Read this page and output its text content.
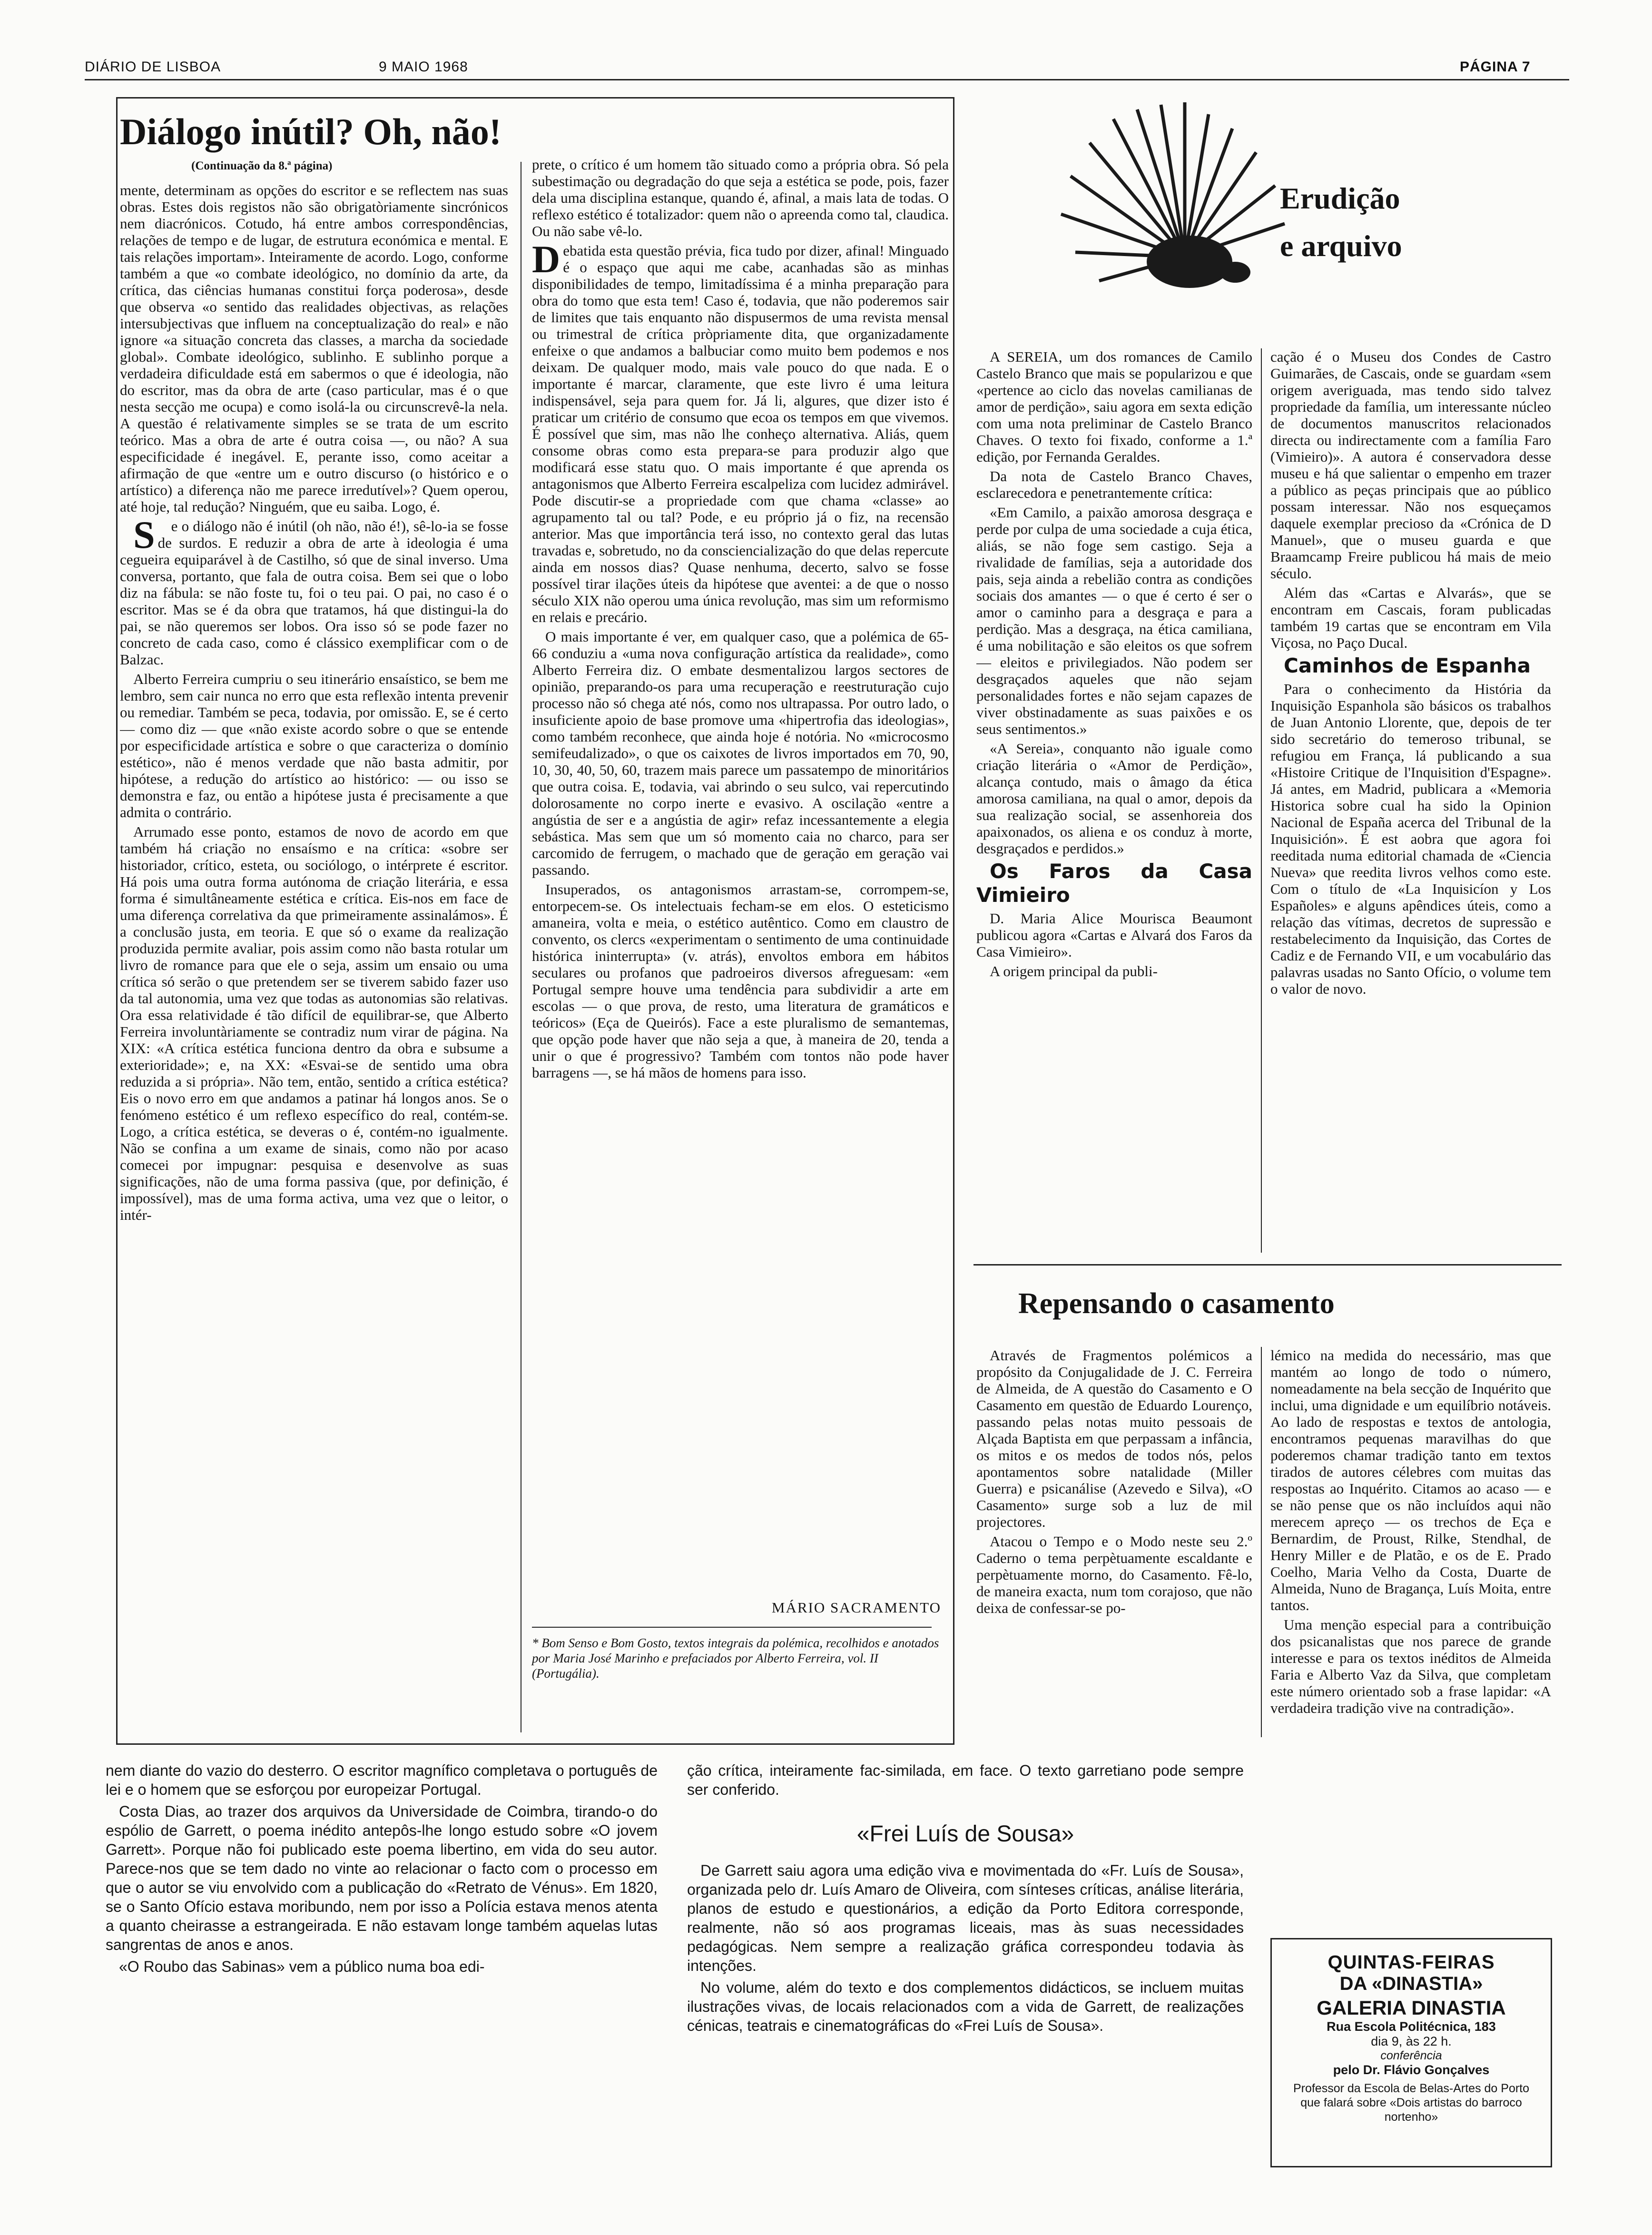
DIÁRIO DE LISBOA	9 MAIO 1968	PÁGINA 7
Diálogo inútil? Oh, não!
(Continuação da 8.ª página)

mente, determinam as opções do escritor e se reflectem nas suas obras. Estes dois registos não são obrigatòriamente sincrónicos nem diacrónicos. Cotudo, há entre ambos correspondências, relações de tempo e de lugar, de estrutura económica e mental. E tais relações importam». Inteiramente de acordo. Logo, conforme também a que «o combate ideológico, no domínio da arte, da crítica, das ciências humanas constitui força poderosa», desde que observa «o sentido das realidades objectivas, as relações intersubjectivas que influem na conceptualização do real» e não ignore «a situação concreta das classes, a marcha da sociedade global». Combate ideológico, sublinho. E sublinho porque a verdadeira dificuldade está em sabermos o que é ideologia, não do escritor, mas da obra de arte (caso particular, mas é o que nesta secção me ocupa) e como isolá-la ou circunscrevê-la nela. A questão é relativamente simples se se trata de um escrito teórico. Mas a obra de arte é outra coisa —, ou não? A sua especificidade é inegável. E, perante isso, como aceitar a afirmação de que «entre um e outro discurso (o histórico e o artístico) a diferença não me parece irredutível»? Quem operou, até hoje, tal redução? Ninguém, que eu saiba. Logo, é.

Se o diálogo não é inútil (oh não, não é!), sê-lo-ia se fosse de surdos. E reduzir a obra de arte à ideologia é uma cegueira equiparável à de Castilho, só que de sinal inverso. Uma conversa, portanto, que fala de outra coisa. Bem sei que o lobo diz na fábula: se não foste tu, foi o teu pai. O pai, no caso é o escritor. Mas se é da obra que tratamos, há que distingui-la do pai, se não queremos ser lobos. Ora isso só se pode fazer no concreto de cada caso, como é clássico exemplificar com o de Balzac.

Alberto Ferreira cumpriu o seu itinerário ensaístico, se bem me lembro, sem cair nunca no erro que esta reflexão intenta prevenir ou remediar. Também se peca, todavia, por omissão. E, se é certo — como diz — que «não existe acordo sobre o que se entende por especificidade artística e sobre o que caracteriza o domínio estético», não é menos verdade que não basta admitir, por hipótese, a redução do artístico ao histórico: — ou isso se demonstra e faz, ou então a hipótese justa é precisamente a que admita o contrário.

Arrumado esse ponto, estamos de novo de acordo em que também há criação no ensaísmo e na crítica: «sobre ser historiador, crítico, esteta, ou sociólogo, o intérprete é escritor. Há pois uma outra forma autónoma de criação literária, e essa forma é simultâneamente estética e crítica. Eis-nos em face de uma diferença correlativa da que primeiramente assinalámos». É a conclusão justa, em teoria. E que só o exame da realização produzida permite avaliar, pois assim como não basta rotular um livro de romance para que ele o seja, assim um ensaio ou uma crítica só serão o que pretendem ser se tiverem sabido fazer uso da tal autonomia, uma vez que todas as autonomias são relativas. Ora essa relatividade é tão difícil de equilibrar-se, que Alberto Ferreira involuntàriamente se contradiz num virar de página. Na XIX: «A crítica estética funciona dentro da obra e subsume a exterioridade»; e, na XX: «Esvai-se de sentido uma obra reduzida a si própria». Não tem, então, sentido a crítica estética? Eis o novo erro em que andamos a patinar há longos anos. Se o fenómeno estético é um reflexo específico do real, contém-se. Logo, a crítica estética, se deveras o é, contém-no igualmente. Não se confina a um exame de sinais, como não por acaso comecei por impugnar: pesquisa e desenvolve as suas significações, não de uma forma passiva (que, por definição, é impossível), mas de uma forma activa, uma vez que o leitor, o intér-

prete, o crítico é um homem tão situado como a própria obra. Só pela subestimação ou degradação do que seja a estética se pode, pois, fazer dela uma disciplina estanque, quando é, afinal, a mais lata de todas. O reflexo estético é totalizador: quem não o apreenda como tal, claudica. Ou não sabe vê-lo.

Debatida esta questão prévia, fica tudo por dizer, afinal! Minguado é o espaço que aqui me cabe, acanhadas são as minhas disponibilidades de tempo, limitadíssima é a minha preparação para obra do tomo que esta tem! Caso é, todavia, que não poderemos sair de limites que tais enquanto não dispusermos de uma revista mensal ou trimestral de crítica pròpriamente dita, que organizadamente enfeixe o que andamos a balbuciar como muito bem podemos e nos deixam. De qualquer modo, mais vale pouco do que nada. E o importante é marcar, claramente, que este livro é uma leitura indispensável, seja para quem for. Já li, algures, que dizer isto é praticar um critério de consumo que ecoa os tempos em que vivemos. É possível que sim, mas não lhe conheço alternativa. Aliás, quem consome obras como esta prepara-se para produzir algo que modificará esse statu quo. O mais importante é que aprenda os antagonismos que Alberto Ferreira escalpeliza com lucidez admirável. Pode discutir-se a propriedade com que chama «classe» ao agrupamento tal ou tal? Pode, e eu próprio já o fiz, na recensão anterior. Mas que importância terá isso, no contexto geral das lutas travadas e, sobretudo, no da consciencialização do que delas repercute ainda em nossos dias? Quase nenhuma, decerto, salvo se fosse possível tirar ilações úteis da hipótese que aventei: a de que o nosso século XIX não operou uma única revolução, mas sim um reformismo en relais e precário.

O mais importante é ver, em qualquer caso, que a polémica de 65-66 conduziu a «uma nova configuração artística da realidade», como Alberto Ferreira diz. O embate desmentalizou largos sectores de opinião, preparando-os para uma recuperação e reestruturação cujo processo não só chega até nós, como nos ultrapassa. Por outro lado, o insuficiente apoio de base promove uma «hipertrofia das ideologias», como também reconhece, que ainda hoje é notória. No «microcosmo semifeudalizado», o que os caixotes de livros importados em 70, 90, 10, 30, 40, 50, 60, trazem mais parece um passatempo de minoritários que outra coisa. E, todavia, vai abrindo o seu sulco, vai repercutindo dolorosamente no corpo inerte e evasivo. A oscilação «entre a angústia de ser e a angústia de agir» refaz incessantemente a elegia sebástica. Mas sem que um só momento caia no charco, para ser carcomido de ferrugem, o machado que de geração em geração vai passando.

Insuperados, os antagonismos arrastam-se, corrompem-se, entorpecem-se. Os intelectuais fecham-se em elos. O esteticismo amaneira, volta e meia, o estético autêntico. Como em claustro de convento, os clercs «experimentam o sentimento de uma continuidade histórica ininterrupta» (v. atrás), envoltos embora em hábitos seculares ou profanos que padroeiros diversos afreguesam: «em Portugal sempre houve uma tendência para subdividir a arte em escolas — o que prova, de resto, uma literatura de gramáticos e teóricos» (Eça de Queirós). Face a este pluralismo de semantemas, que opção pode haver que não seja a que, à maneira de 20, tenda a unir o que é progressivo? Também com tontos não pode haver barragens —, se há mãos de homens para isso.

MÁRIO SACRAMENTO
* Bom Senso e Bom Gosto, textos integrais da polémica, recolhidos e anotados por Maria José Marinho e prefaciados por Alberto Ferreira, vol. II (Portugália).
Erudição
e arquivo

A SEREIA, um dos romances de Camilo Castelo Branco que mais se popularizou e que «pertence ao ciclo das novelas camilianas de amor de perdição», saiu agora em sexta edição com uma nota preliminar de Castelo Branco Chaves. O texto foi fixado, conforme a 1.ª edição, por Fernanda Geraldes.

Da nota de Castelo Branco Chaves, esclarecedora e penetrantemente crítica:

«Em Camilo, a paixão amorosa desgraça e perde por culpa de uma sociedade a cuja ética, aliás, se não foge sem castigo. Seja a rivalidade de famílias, seja a autoridade dos pais, seja ainda a rebelião contra as condições sociais dos amantes — o que é certo é ser o amor o caminho para a desgraça e para a perdição. Mas a desgraça, na ética camiliana, é uma nobilitação e são eleitos os que sofrem — eleitos e privilegiados. Não podem ser desgraçados aqueles que não sejam personalidades fortes e não sejam capazes de viver obstinadamente as suas paixões e os seus sentimentos.»

«A Sereia», conquanto não iguale como criação literária o «Amor de Perdição», alcança contudo, mais o âmago da ética amorosa camiliana, na qual o amor, depois da sua realização social, se assenhoreia dos apaixonados, os aliena e os conduz à morte, desgraçados e perdidos.»

Os Faros da Casa Vimieiro

D. Maria Alice Mourisca Beaumont publicou agora «Cartas e Alvará dos Faros da Casa Vimieiro».

A origem principal da publi-

cação é o Museu dos Condes de Castro Guimarães, de Cascais, onde se guardam «sem origem averiguada, mas tendo sido talvez propriedade da família, um interessante núcleo de documentos manuscritos relacionados directa ou indirectamente com a família Faro (Vimieiro)». A autora é conservadora desse museu e há que salientar o empenho em trazer a público as peças principais que ao público possam interessar. Não nos esqueçamos daquele exemplar precioso da «Crónica de D Manuel», que o museu guarda e que Braamcamp Freire publicou há mais de meio século.

Além das «Cartas e Alvarás», que se encontram em Cascais, foram publicadas também 19 cartas que se encontram em Vila Viçosa, no Paço Ducal.

Caminhos de Espanha

Para o conhecimento da História da Inquisição Espanhola são básicos os trabalhos de Juan Antonio Llorente, que, depois de ter sido secretário do temeroso tribunal, se refugiou em França, lá publicando a sua «Histoire Critique de l'Inquisition d'Espagne». Já antes, em Madrid, publicara a «Memoria Historica sobre cual ha sido la Opinion Nacional de España acerca del Tribunal de la Inquisición». É est aobra que agora foi reeditada numa editorial chamada de «Ciencia Nueva» que reedita livros velhos como este. Com o título de «La Inquisicíon y Los Españoles» e alguns apêndices úteis, como a relação das vítimas, decretos de supressão e restabelecimento da Inquisição, das Cortes de Cadiz e de Fernando VII, e um vocabulário das palavras usadas no Santo Ofício, o volume tem o valor de novo.

Repensando o casamento

Através de Fragmentos polémicos a propósito da Conjugalidade de J. C. Ferreira de Almeida, de A questão do Casamento e O Casamento em questão de Eduardo Lourenço, passando pelas notas muito pessoais de Alçada Baptista em que perpassam a infância, os mitos e os medos de todos nós, pelos apontamentos sobre natalidade (Miller Guerra) e psicanálise (Azevedo e Silva), «O Casamento» surge sob a luz de mil projectores.

Atacou o Tempo e o Modo neste seu 2.º Caderno o tema perpètuamente escaldante e perpètuamente morno, do Casamento. Fê-lo, de maneira exacta, num tom corajoso, que não deixa de confessar-se po-

lémico na medida do necessário, mas que mantém ao longo de todo o número, nomeadamente na bela secção de Inquérito que inclui, uma dignidade e um equilíbrio notáveis. Ao lado de respostas e textos de antologia, encontramos pequenas maravilhas do que poderemos chamar tradição tanto em textos tirados de autores célebres com muitas das respostas ao Inquérito. Citamos ao acaso — e se não pense que os não incluídos aqui não merecem apreço — os trechos de Eça e Bernardim, de Proust, Rilke, Stendhal, de Henry Miller e de Platão, e os de E. Prado Coelho, Maria Velho da Costa, Duarte de Almeida, Nuno de Bragança, Luís Moita, entre tantos.

Uma menção especial para a contribuição dos psicanalistas que nos parece de grande interesse e para os textos inéditos de Almeida Faria e Alberto Vaz da Silva, que completam este número orientado sob a frase lapidar: «A verdadeira tradição vive na contradição».

nem diante do vazio do desterro. O escritor magnífico completava o português de lei e o homem que se esforçou por europeizar Portugal.

Costa Dias, ao trazer dos arquivos da Universidade de Coimbra, tirando-o do espólio de Garrett, o poema inédito antepôs-lhe longo estudo sobre «O jovem Garrett». Porque não foi publicado este poema libertino, em vida do seu autor. Parece-nos que se tem dado no vinte ao relacionar o facto com o processo em que o autor se viu envolvido com a publicação do «Retrato de Vénus». Em 1820, se o Santo Ofício estava moribundo, nem por isso a Polícia estava menos atenta a quanto cheirasse a estrangeirada. E não estavam longe também aquelas lutas sangrentas de anos e anos.

«O Roubo das Sabinas» vem a público numa boa edi-

ção crítica, inteiramente fac-similada, em face. O texto garretiano pode sempre ser conferido.

«Frei Luís de Sousa»

De Garrett saiu agora uma edição viva e movimentada do «Fr. Luís de Sousa», organizada pelo dr. Luís Amaro de Oliveira, com sínteses críticas, análise literária, planos de estudo e questionários, a edição da Porto Editora corresponde, realmente, não só aos programas liceais, mas às suas necessidades pedagógicas. Nem sempre a realização gráfica correspondeu todavia às intenções.

No volume, além do texto e dos complementos didácticos, se incluem muitas ilustrações vivas, de locais relacionados com a vida de Garrett, de realizações cénicas, teatrais e cinematográficas do «Frei Luís de Sousa».

QUINTAS-FEIRAS
DA «DINASTIA»
GALERIA DINASTIA
Rua Escola Politécnica, 183
dia 9, às 22 h.
conferência
pelo Dr. Flávio Gonçalves
Professor da Escola de Belas-Artes do Porto que falará sobre «Dois artistas do barroco nortenho»
